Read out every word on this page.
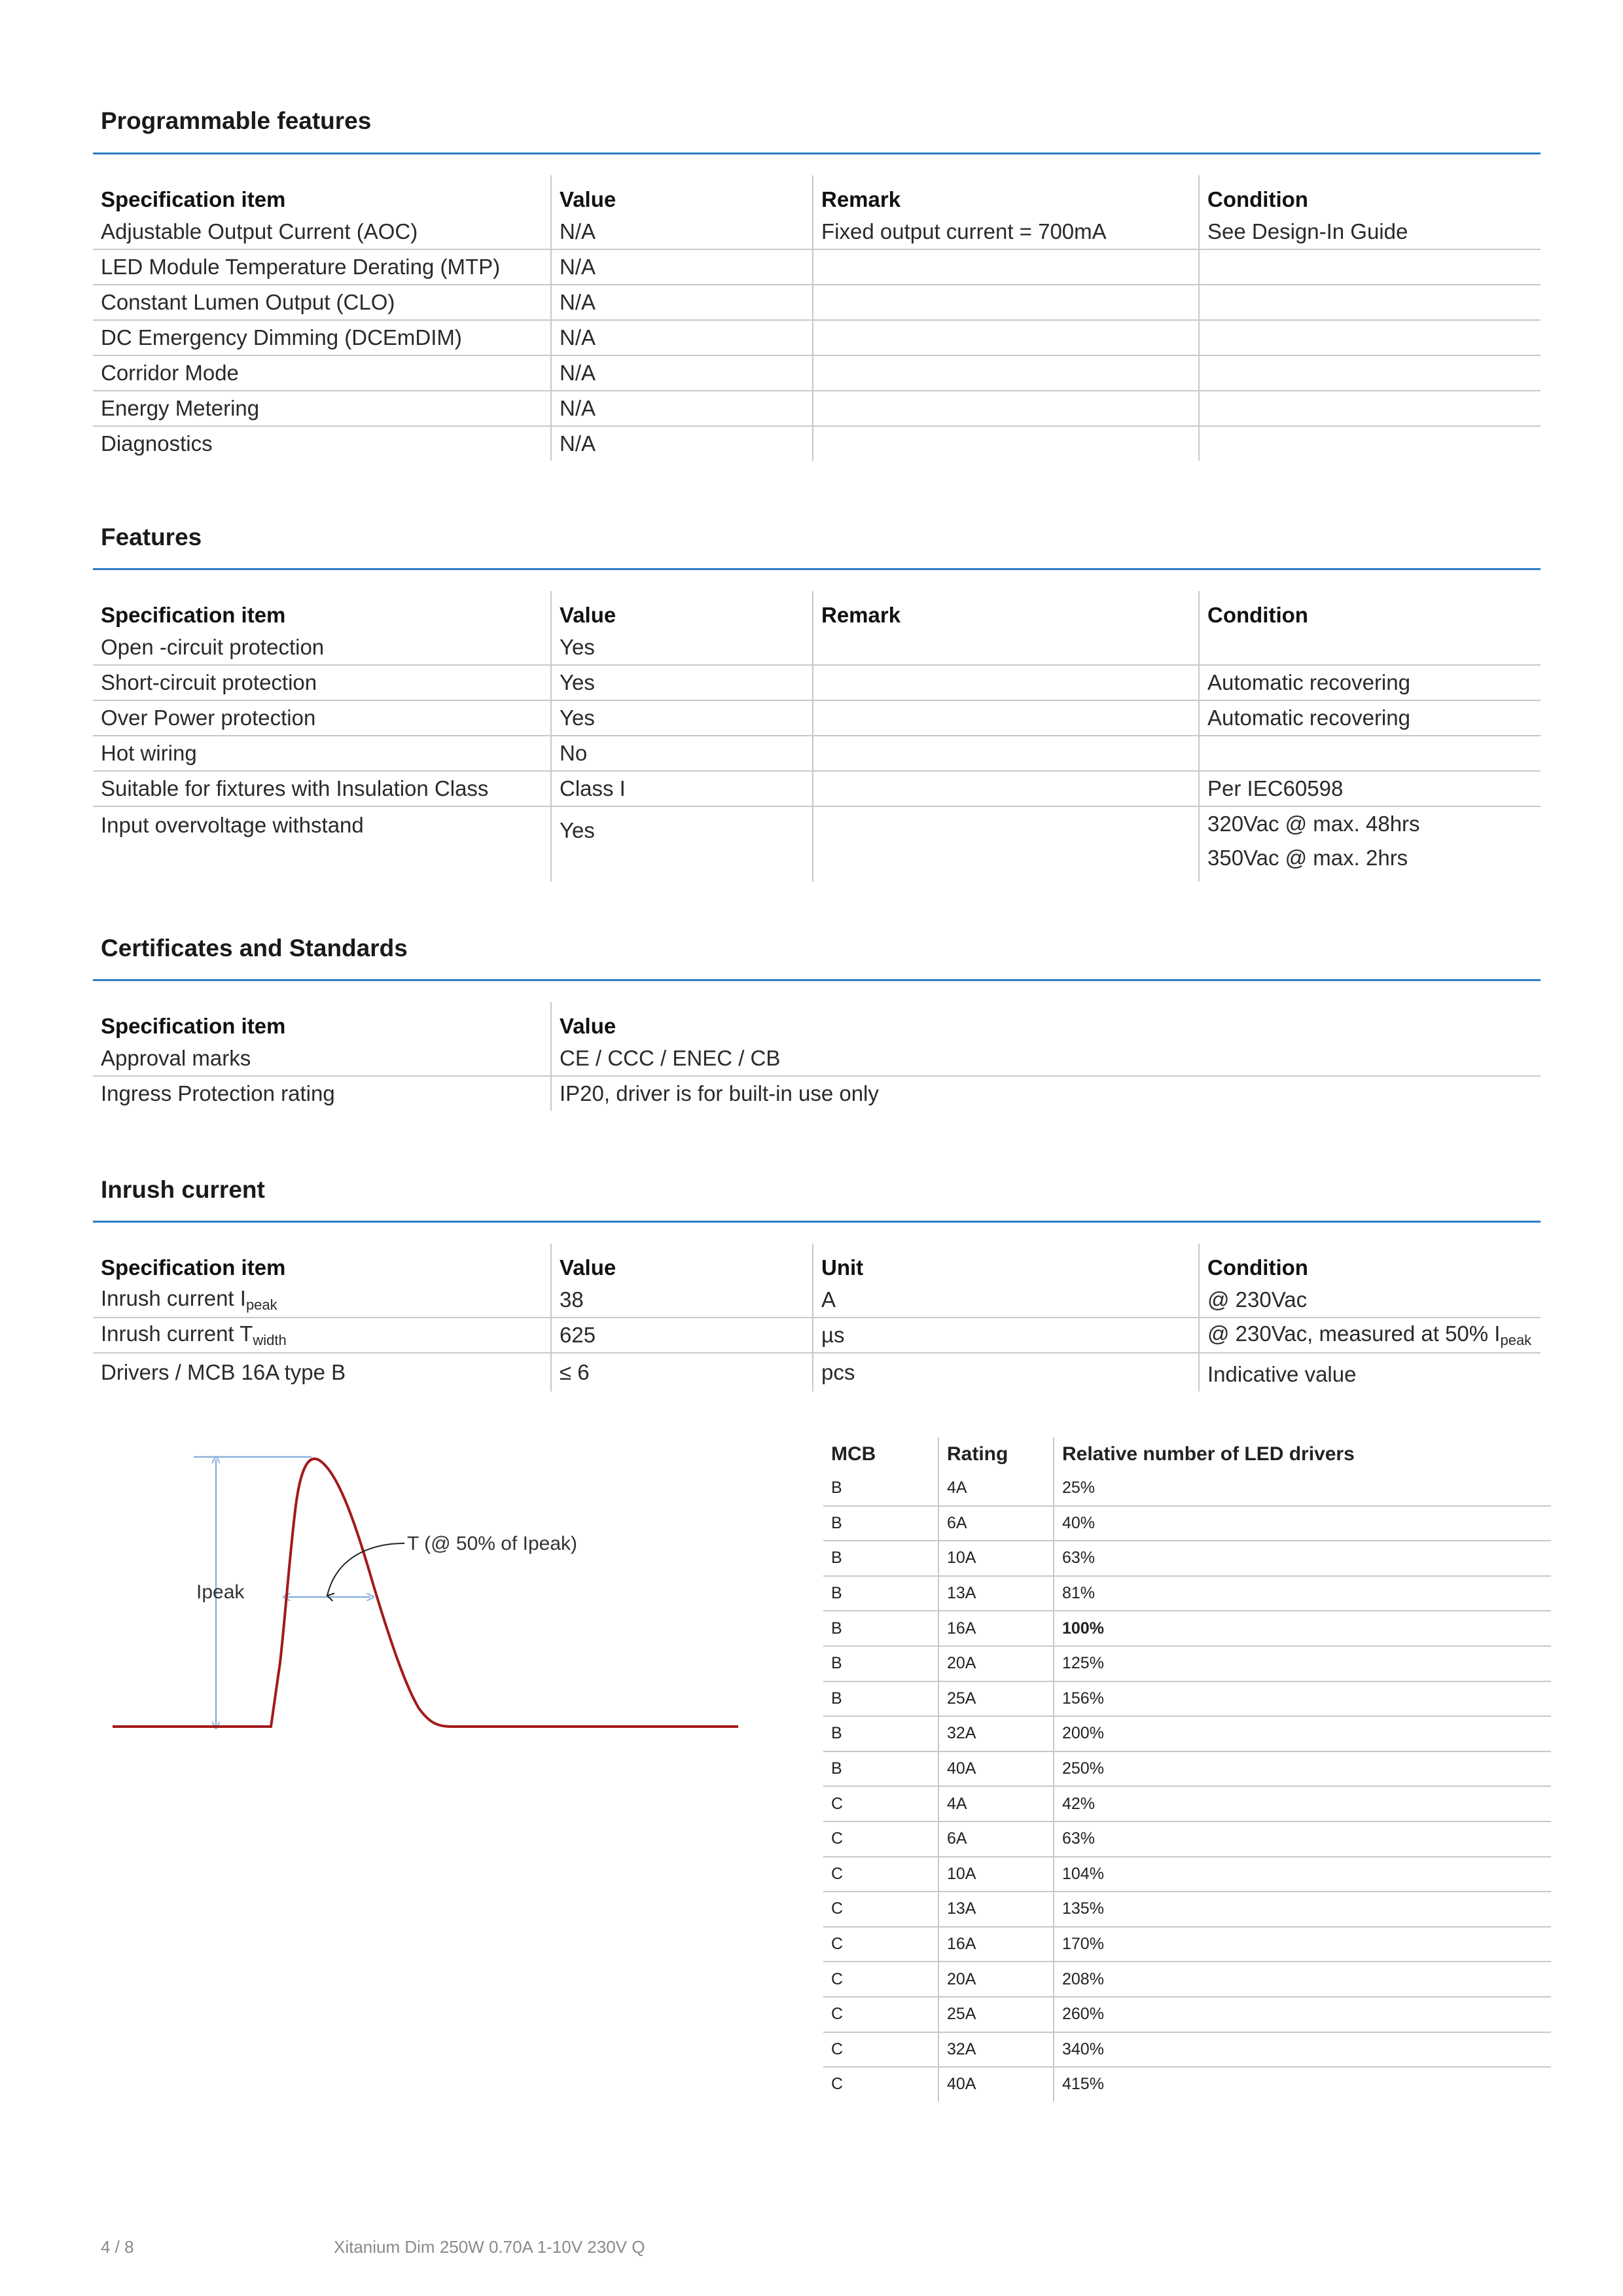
Programmable features
Specification item	Value	Remark	Condition
Adjustable Output Current (AOC)	N/A	Fixed output current = 700mA	See Design-In Guide
LED Module Temperature Derating (MTP)	N/A		
Constant Lumen Output (CLO)	N/A		
DC Emergency Dimming (DCEmDIM)	N/A		
Corridor Mode	N/A		
Energy Metering	N/A		
Diagnostics	N/A		
Features
Specification item	Value	Remark	Condition
Open -circuit protection	Yes		
Short-circuit protection	Yes		Automatic recovering
Over Power protection	Yes		Automatic recovering
Hot wiring	No		
Suitable for fixtures with Insulation Class	Class I		Per IEC60598
Input overvoltage withstand	Yes		320Vac @ max. 48hrs
350Vac @ max. 2hrs
Certificates and Standards
Specification item	Value
Approval marks	CE / CCC / ENEC / CB
Ingress Protection rating	IP20, driver is for built-in use only
Inrush current
Specification item	Value	Unit	Condition
Inrush current $I_{peak}$	38	A	@ 230Vac
Inrush current $T_{width}$	625	µs	@ 230Vac, measured at 50% $I_{peak}$
Drivers / MCB 16A type B	≤ 6	pcs	Indicative value
Ipeak
T (@ 50% of Ipeak)
MCB	Rating	Relative number of LED drivers
B	4A	25%
B	6A	40%
B	10A	63%
B	13A	81%
B	16A	100%
B	20A	125%
B	25A	156%
B	32A	200%
B	40A	250%
C	4A	42%
C	6A	63%
C	10A	104%
C	13A	135%
C	16A	170%
C	20A	208%
C	25A	260%
C	32A	340%
C	40A	415%
4 / 8	Xitanium Dim 250W 0.70A 1-10V 230V Q
